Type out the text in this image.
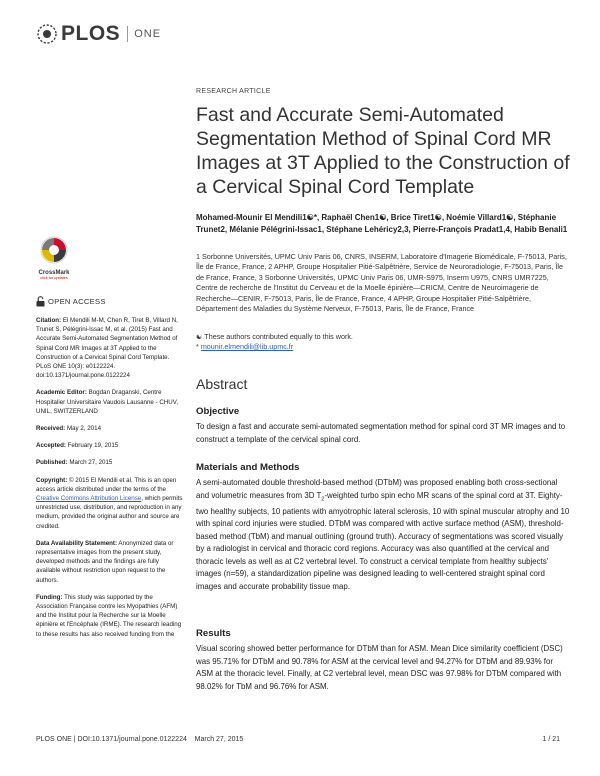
PLOS ONE
RESEARCH ARTICLE
Fast and Accurate Semi-Automated Segmentation Method of Spinal Cord MR Images at 3T Applied to the Construction of a Cervical Spinal Cord Template
Mohamed-Mounir El Mendili1☯*, Raphaël Chen1☯, Brice Tiret1☯, Noémie Villard1☯, Stéphanie Trunet2, Mélanie Pélégrini-Issac1, Stéphane Lehéricy2,3, Pierre-François Pradat1,4, Habib Benali1
1 Sorbonne Universités, UPMC Univ Paris 06, CNRS, INSERM, Laboratoire d'Imagerie Biomédicale, F-75013, Paris, Île de France, France, 2 APHP, Groupe Hospitalier Pitié-Salpêtrière, Service de Neuroradiologie, F-75013, Paris, Île de France, France, 3 Sorbonne Universités, UPMC Univ Paris 06, UMR-S975, Inserm U975, CNRS UMR7225, Centre de recherche de l'Institut du Cerveau et de la Moelle épinière—CRICM, Centre de Neuroimagerie de Recherche—CENIR, F-75013, Paris, Île de France, France, 4 APHP, Groupe Hospitalier Pitié-Salpêtrière, Département des Maladies du Système Nerveux, F-75013, Paris, Île de France, France
☯ These authors contributed equally to this work.
* mounir.elmendili@lib.upmc.fr
CrossMark
click for updates
OPEN ACCESS
Citation: El Mendili M-M, Chen R, Tiret B, Villard N, Trunet S, Pélégrini-Issac M, et al. (2015) Fast and Accurate Semi-Automated Segmentation Method of Spinal Cord MR Images at 3T Applied to the Construction of a Cervical Spinal Cord Template. PLoS ONE 10(3): e0122224. doi:10.1371/journal.pone.0122224
Academic Editor: Bogdan Draganski, Centre Hospitalier Universitaire Vaudois Lausanne - CHUV, UNIL, SWITZERLAND
Received: May 2, 2014
Accepted: February 19, 2015
Published: March 27, 2015
Copyright: © 2015 El Mendili et al. This is an open access article distributed under the terms of the Creative Commons Attribution License, which permits unrestricted use, distribution, and reproduction in any medium, provided the original author and source are credited.
Data Availability Statement: Anonymized data or representative images from the present study, developed methods and the findings are fully available without restriction upon request to the authors.
Funding: This study was supported by the Association Française contre les Myopathies (AFM) and the Institut pour la Recherche sur la Moelle épinière et l'Encéphale (IRME). The research leading to these results has also received funding from the
Abstract
Objective
To design a fast and accurate semi-automated segmentation method for spinal cord 3T MR images and to construct a template of the cervical spinal cord.
Materials and Methods
A semi-automated double threshold-based method (DTbM) was proposed enabling both cross-sectional and volumetric measures from 3D $T_2$-weighted turbo spin echo MR scans of the spinal cord at 3T. Eighty-two healthy subjects, 10 patients with amyotrophic lateral sclerosis, 10 with spinal muscular atrophy and 10 with spinal cord injuries were studied. DTbM was compared with active surface method (ASM), threshold-based method (TbM) and manual outlining (ground truth). Accuracy of segmentations was scored visually by a radiologist in cervical and thoracic cord regions. Accuracy was also quantified at the cervical and thoracic levels as well as at C2 vertebral level. To construct a cervical template from healthy subjects' images (n=59), a standardization pipeline was designed leading to well-centered straight spinal cord images and accurate probability tissue map.
Results
Visual scoring showed better performance for DTbM than for ASM. Mean Dice similarity coefficient (DSC) was 95.71% for DTbM and 90.78% for ASM at the cervical level and 94.27% for DTbM and 89.93% for ASM at the thoracic level. Finally, at C2 vertebral level, mean DSC was 97.98% for DTbM compared with 98.02% for TbM and 96.76% for ASM.
PLOS ONE | DOI:10.1371/journal.pone.0122224    March 27, 2015	1 / 21
